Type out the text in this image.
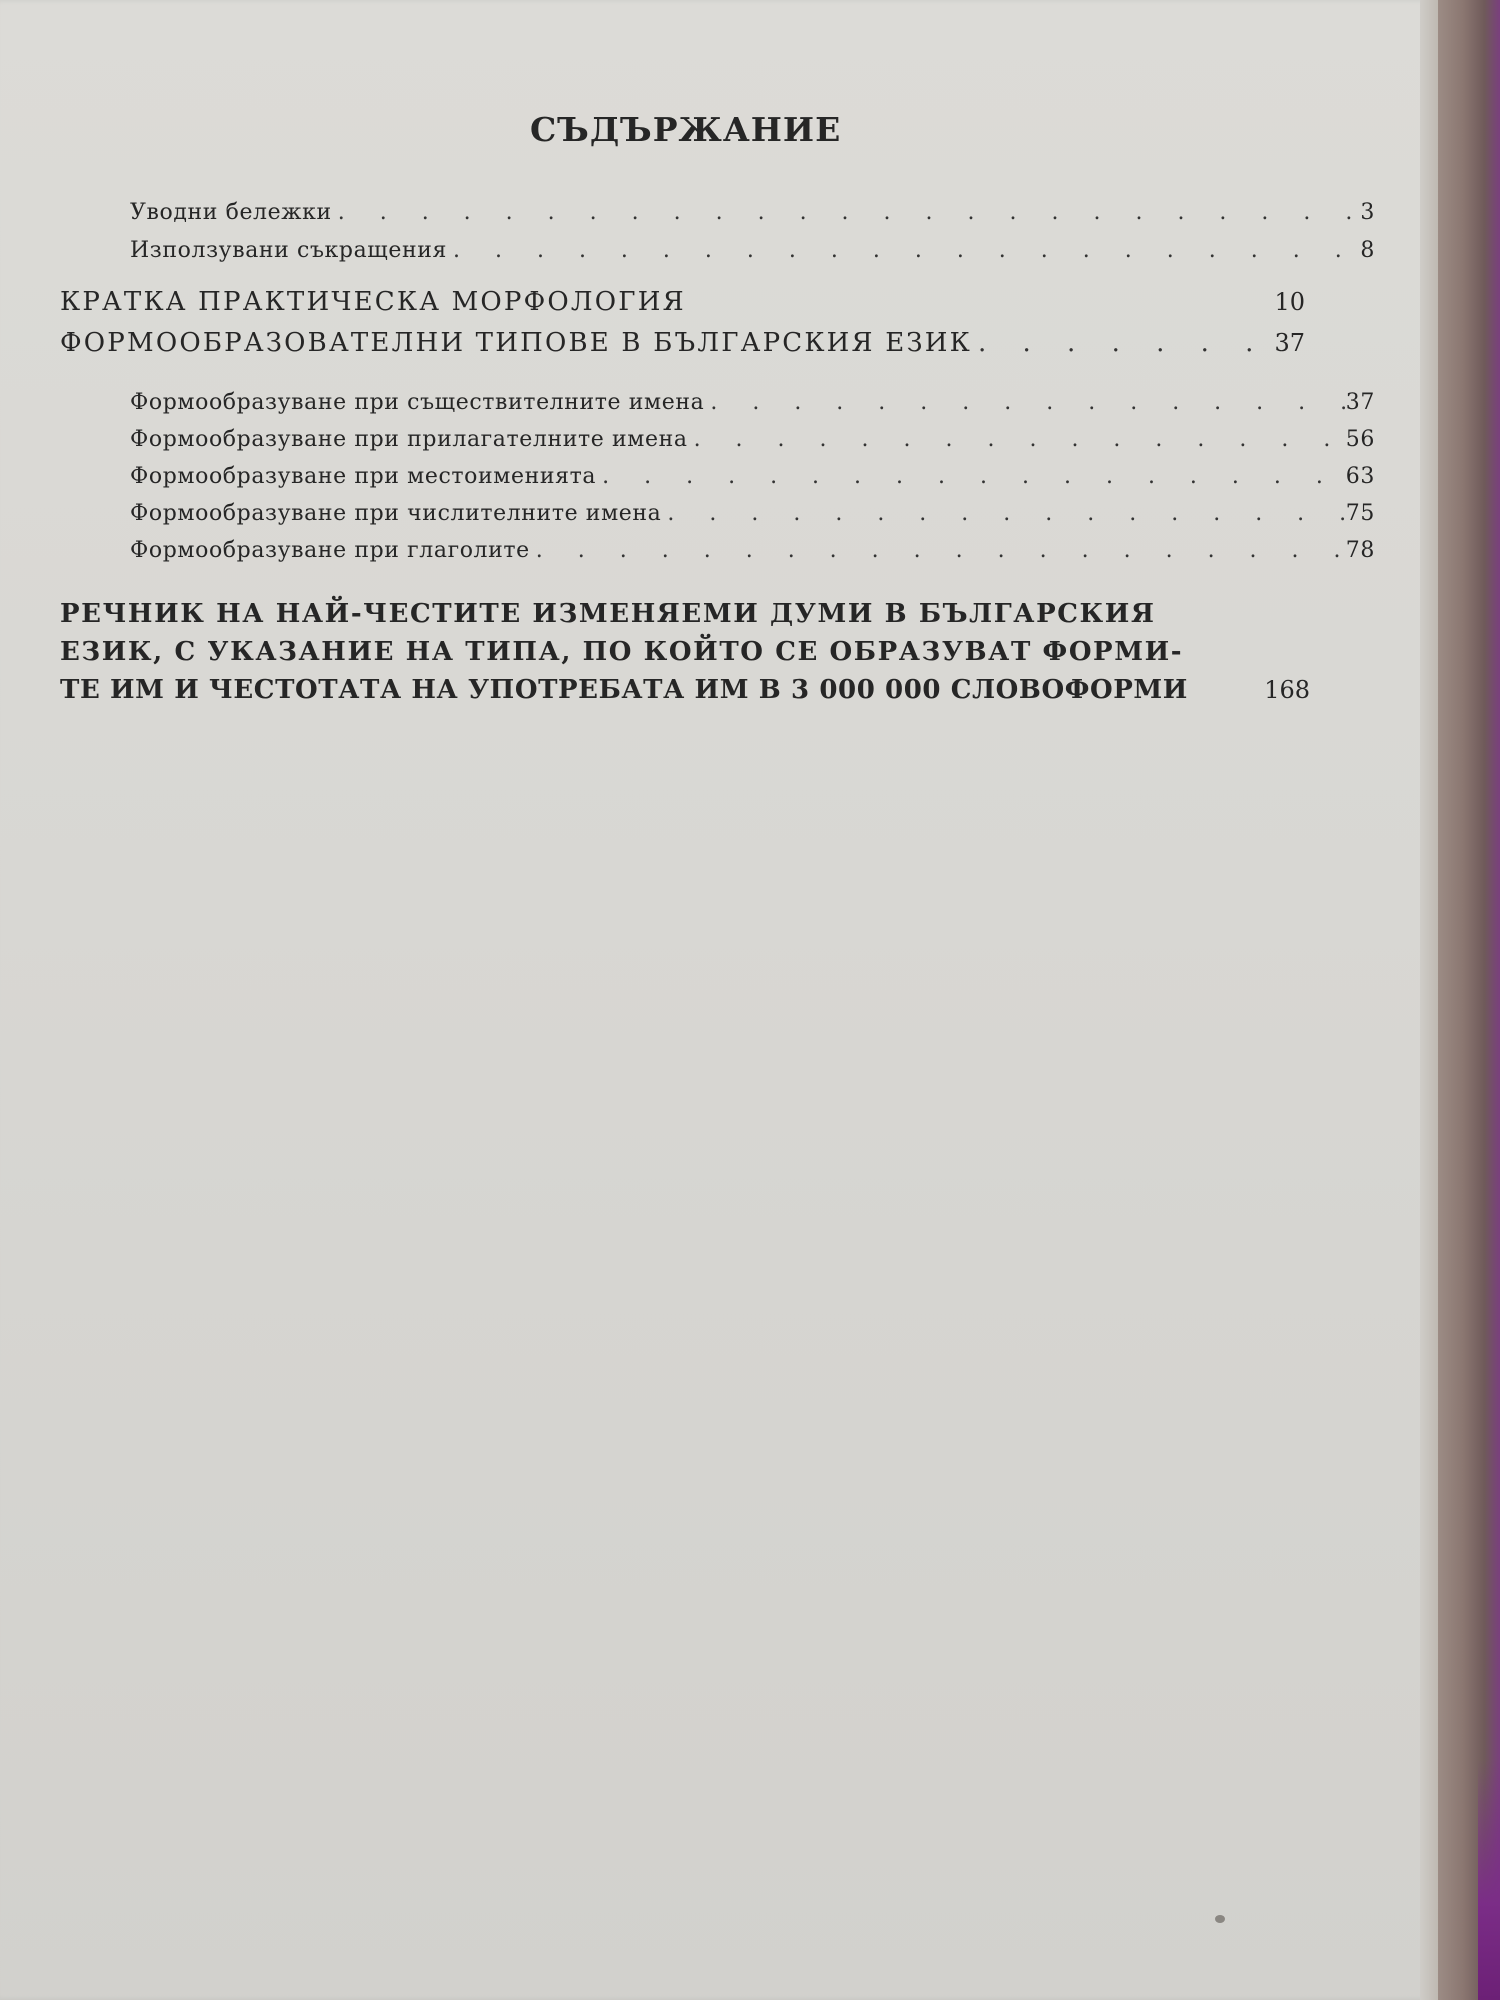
СЪДЪРЖАНИЕ
Уводни бележки . . .	3
Използувани съкращения . . .	8
КРАТКА ПРАКТИЧЕСКА МОРФОЛОГИЯ	10
ФОРМООБРАЗОВАТЕЛНИ ТИПОВЕ В БЪЛГАРСКИЯ ЕЗИК . . .	37
Формообразуване при съществителните имена . . .	37
Формообразуване при прилагателните имена . . .	56
Формообразуване при местоименията . . .	63
Формообразуване при числителните имена . . .	75
Формообразуване при глаголите . . .	78
РЕЧНИК НА НАЙ-ЧЕСТИТЕ ИЗМЕНЯЕМИ ДУМИ В БЪЛГАРСКИЯ
ЕЗИК, С УКАЗАНИЕ НА ТИПА, ПО КОЙТО СЕ ОБРАЗУВАТ ФОРМИ-
ТЕ ИМ И ЧЕСТОТАТА НА УПОТРЕБАТА ИМ В 3 000 000 СЛОВОФОРМИ	168
